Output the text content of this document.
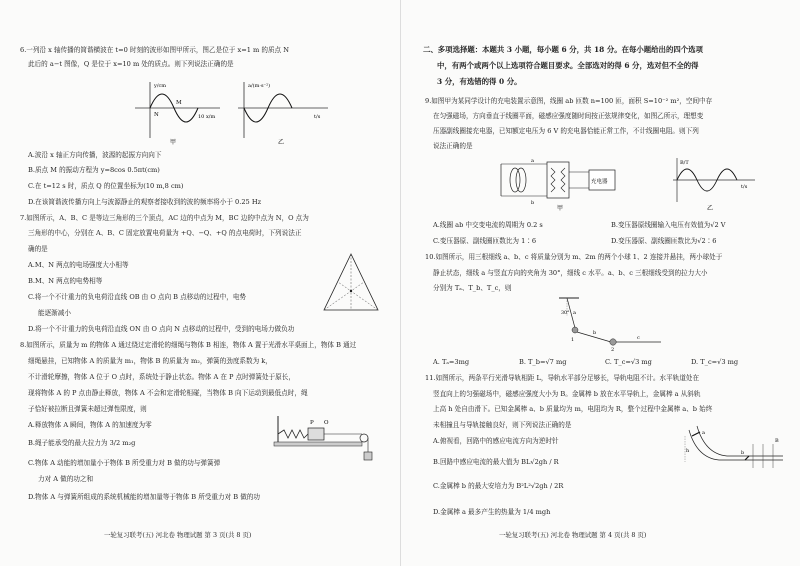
6.一列沿 x 轴传播的简谐横波在 t=0 时刻的波形如图甲所示，图乙是位于 x=1 m 的质点 N
此后的 a−t 图像，Q 是位于 x=10 m 处的质点。则下列说法正确的是
y/cm
10 x/m
M
N
甲
a/(m·s⁻²)
t/s
乙
A.波沿 x 轴正方向传播，波源的起振方向向下
B.质点 M 的振动方程为 y=8cos 0.5πt(cm)
C.在 t=12 s 时，质点 Q 的位置坐标为(10 m,8 cm)
D.在该简谐波传播方向上与波源静止的观察者接收到的波的频率将小于 0.25 Hz
7.如图所示，A、B、C 是等边三角形的三个顶点，AC 边的中点为 M，BC 边的中点为 N，O 点为
三角形的中心，分别在 A、B、C 固定放置电荷量为 +Q、−Q、+Q 的点电荷时，下列说法正
确的是
A.M、N 两点的电场强度大小相等
B.M、N 两点的电势相等
C.将一个不计重力的负电荷沿直线 OB 由 O 点向 B 点移动的过程中，电势
能逐渐减小
D.将一个不计重力的负电荷沿直线 ON 由 O 点向 N 点移动的过程中，受到的电场力做负功
8.如图所示，质量为 m 的物体 A 通过绕过定滑轮的细绳与物体 B 相连，物体 A 置于光滑水平桌面上，物体 B 通过
细绳悬挂，已知物体 A 的质量为 m₁，物体 B 的质量为 m₂，弹簧的劲度系数为 k，
不计滑轮摩擦，物体 A 位于 O 点时，系统处于静止状态。物体 A 在 P 点时弹簧处于原长，
现将物体 A 的 P 点由静止释放，物体 A 不会和定滑轮相碰，当物体 B 向下运动到最低点时，绳
子恰好被拉断且弹簧未超过弹性限度，则
A.释放物体 A 瞬间，物体 A 的加速度为零
B.绳子能承受的最大拉力为 3/2 m₂g
P O
C.物体 A 动能的增加量小于物体 B 所受重力对 B 做的功与弹簧弹
力对 A 做的功之和
D.物体 A 与弹簧所组成的系统机械能的增加量等于物体 B 所受重力对 B 做的功
一轮复习联考(五) 河北卷 物理试题 第 3 页(共 8 页)
二、多项选择题：本题共 3 小题，每小题 6 分，共 18 分。在每小题给出的四个选项
中，有两个或两个以上选项符合题目要求。全部选对的得 6 分，选对但不全的得
3 分，有选错的得 0 分。
9.如图甲为某同学设计的充电装置示意图，线圈 ab 匝数 n=100 匝，面积 S=10⁻² m²，空间中存
在匀强磁场，方向垂直于线圈平面，磁感应强度随时间按正弦规律变化，如图乙所示，理想变
压器副线圈接充电器，已知额定电压为 6 V 的充电器恰能正常工作，不计线圈电阻。则下列
说法正确的是
充电器
a
b
甲
B/T
t/s
乙
A.线圈 ab 中交变电流的周期为 0.2 s	B.变压器原线圈输入电压有效值为√2 V
C.变压器原、副线圈匝数比为 1∶6	D.变压器原、副线圈匝数比为√2∶6
10.如图所示，用三根细线 a、b、c 将质量分别为 m、2m 的两个小球 1、2 连接并悬挂，两小球处于
静止状态，细线 a 与竖直方向的夹角为 30°，细线 c 水平。a、b、c 三根细线受到的拉力大小
分别为 Tₐ、T_b、T_c，则
30° a
b
c
1
2
A. Tₐ=3mg	B. T_b=√7 mg	C. T_c=√3 mg	D. T_c=√3 mg
11.如图所示，两条平行光滑导轨相距 L，导轨水平部分足够长，导轨电阻不计。水平轨道处在
竖直向上的匀强磁场中，磁感应强度大小为 B。金属棒 b 放在水平导轨上，金属棒 a 从斜轨
上高 h 处自由滑下。已知金属棒 a、b 质量均为 m，电阻均为 R，整个过程中金属棒 a、b 始终
未相撞且与导轨接触良好，则下列说法正确的是
A.俯视看，回路中的感应电流方向为逆时针
B.回路中感应电流的最大值为 BL√2gh / R
C.金属棒 b 的最大安培力为 B²L²√2gh / 2R
D.金属棒 a 最多产生的热量为 1/4 mgh
h
a
b
B
一轮复习联考(五) 河北卷 物理试题 第 4 页(共 8 页)
